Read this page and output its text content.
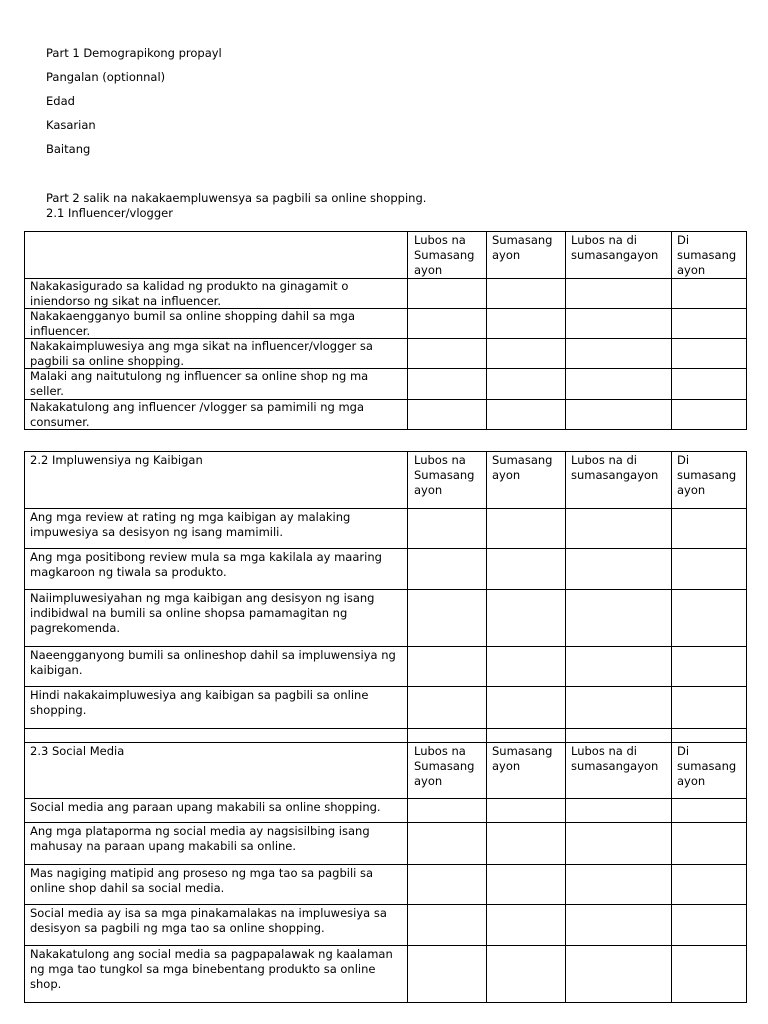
Part 1 Demograpikong propayl
Pangalan (optionnal)
Edad
Kasarian
Baitang
Part 2 salik na nakakaempluwensya sa pagbili sa online shopping.
2.1 Influencer/vlogger
	Lubos na Sumasang ayon	Sumasang ayon	Lubos na di sumasangayon	Di sumasang ayon
Nakakasigurado sa kalidad ng produkto na ginagamit o iniendorso ng sikat na influencer.				
Nakakaengganyo bumil sa online shopping dahil sa mga influencer.				
Nakakaimpluwesiya ang mga sikat na influencer/vlogger sa pagbili sa online shopping.				
Malaki ang naitutulong ng influencer sa online shop ng ma seller.				
Nakakatulong ang influencer /vlogger sa pamimili ng mga consumer.				
2.2 Impluwensiya ng Kaibigan	Lubos na Sumasang ayon	Sumasang ayon	Lubos na di sumasangayon	Di sumasang ayon
Ang mga review at rating ng mga kaibigan ay malaking impuwesiya sa desisyon ng isang mamimili.				
Ang mga positibong review mula sa mga kakilala ay maaring magkaroon ng tiwala sa produkto.				
Naiimpluwesiyahan ng mga kaibigan ang desisyon ng isang indibidwal na bumili sa online shopsa pamamagitan ng pagrekomenda.				
Naeengganyong bumili sa onlineshop dahil sa impluwensiya ng kaibigan.				
Hindi nakakaimpluwesiya ang kaibigan sa pagbili sa online shopping.				

2.3 Social Media	Lubos na Sumasang ayon	Sumasang ayon	Lubos na di sumasangayon	Di sumasang ayon
Social media ang paraan upang makabili sa online shopping.				
Ang mga plataporma ng social media ay nagsisilbing isang mahusay na paraan upang makabili sa online.				
Mas nagiging matipid ang proseso ng mga tao sa pagbili sa online shop dahil sa social media.				
Social media ay isa sa mga pinakamalakas na impluwesiya sa desisyon sa pagbili ng mga tao sa online shopping.				
Nakakatulong ang social media sa pagpapalawak ng kaalaman ng mga tao tungkol sa mga binebentang produkto sa online shop.				
